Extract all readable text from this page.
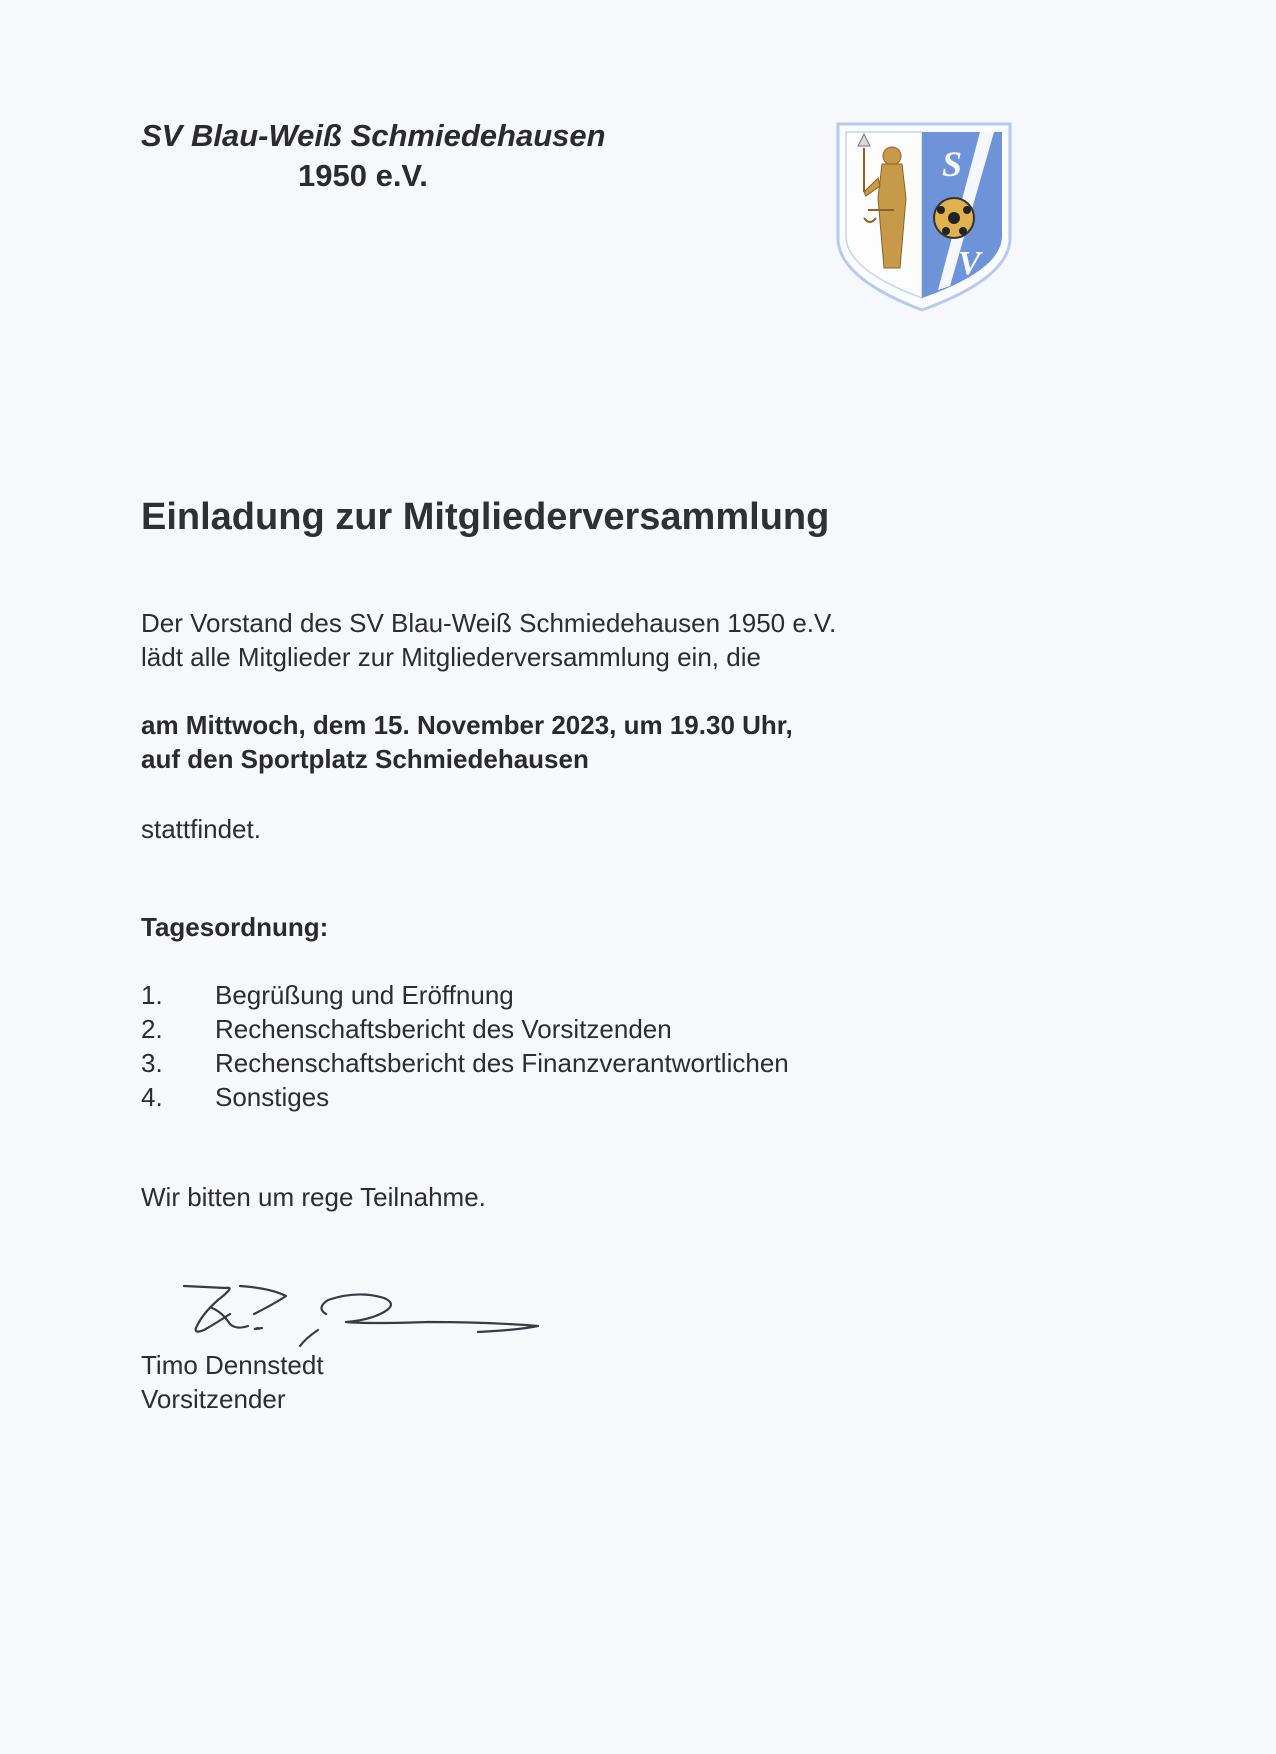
SV Blau-Weiß Schmiedehausen
1950 e.V.	S
V
Einladung zur Mitgliederversammlung
Der Vorstand des SV Blau-Weiß Schmiedehausen 1950 e.V.
lädt alle Mitglieder zur Mitgliederversammlung ein, die
am Mittwoch, dem 15. November 2023, um 19.30 Uhr,
auf den Sportplatz Schmiedehausen
stattfindet.
Tagesordnung:
1.	Begrüßung und Eröffnung
2.	Rechenschaftsbericht des Vorsitzenden
3.	Rechenschaftsbericht des Finanzverantwortlichen
4.	Sonstiges
Wir bitten um rege Teilnahme.
Timo Dennstedt
Vorsitzender
